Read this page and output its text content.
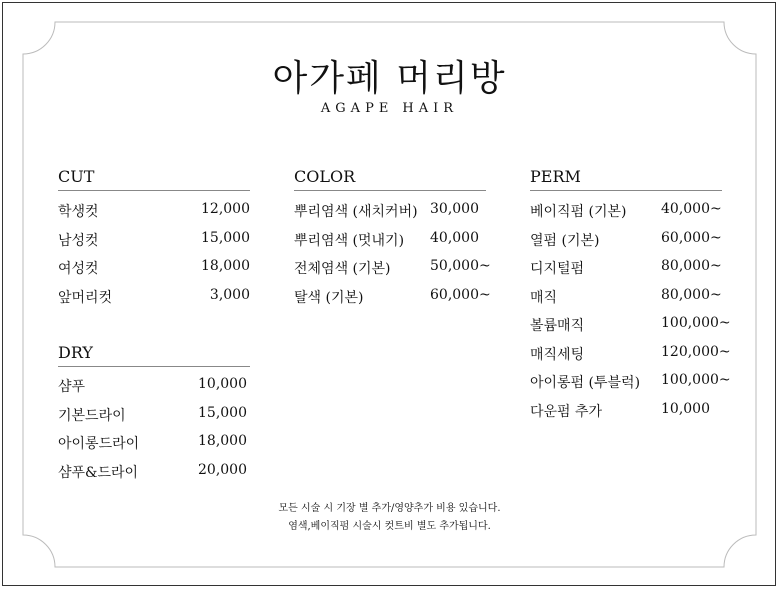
아가페 머리방
AGAPE HAIR
CUT
학생컷	12,000
남성컷	15,000
여성컷	18,000
앞머리컷	3,000
DRY
샴푸	10,000
기본드라이	15,000
아이롱드라이	18,000
샴푸&드라이	20,000
COLOR
뿌리염색 (새치커버) 30,000
뿌리염색 (멋내기) 40,000
전체염색 (기본)	50,000~
탈색 (기본)	60,000~
PERM
베이직펌 (기본) 40,000~
열펌 (기본)	60,000~
디지털펌	80,000~
매직	80,000~
볼륨매직	100,000~
매직세팅	120,000~
아이롱펌 (투블럭) 100,000~
다운펌 추가	10,000
모든 시술 시 기장 별 추가/영양추가 비용 있습니다.
염색,베이직펌 시술시 컷트비 별도 추가됩니다.
